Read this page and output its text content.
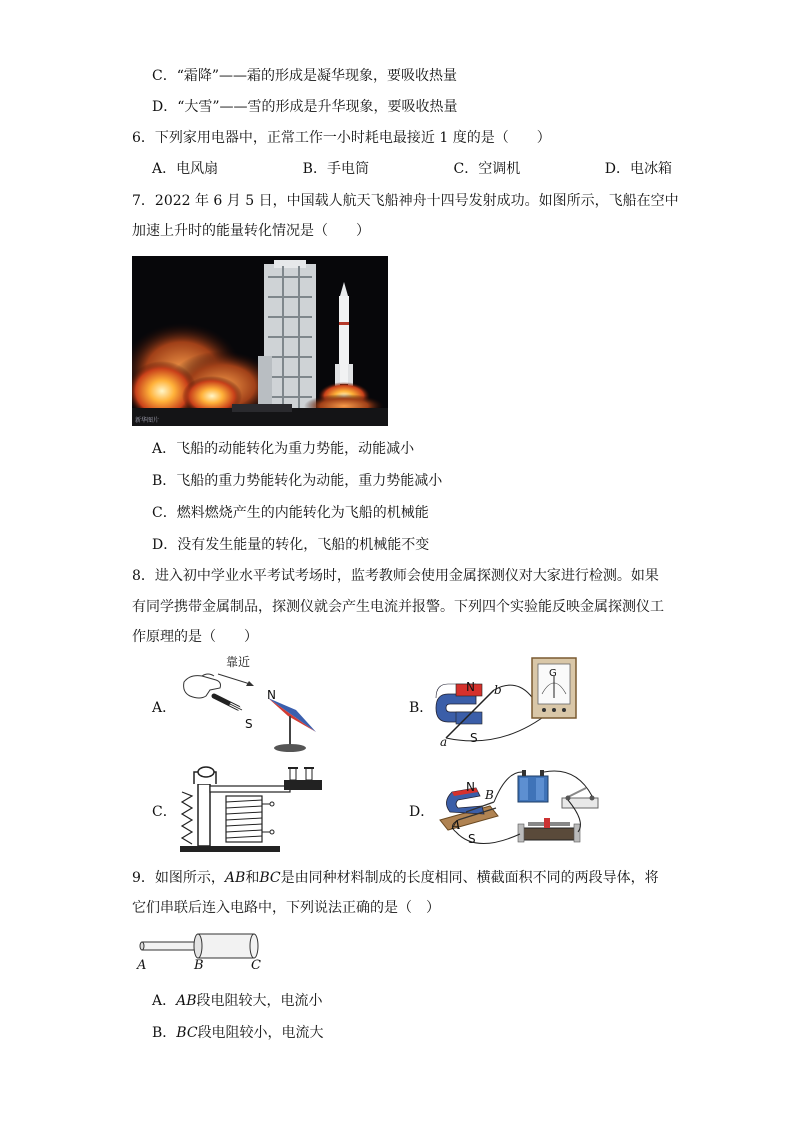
C．“霜降”——霜的形成是凝华现象，要吸收热量
D．“大雪”——雪的形成是升华现象，要吸收热量
6．下列家用电器中，正常工作一小时耗电最接近 1 度的是（　　）
A．电风扇	B．手电筒	C．空调机	D．电冰箱
7．2022 年 6 月 5 日，中国载人航天飞船神舟十四号发射成功。如图所示，飞船在空中
加速上升时的能量转化情况是（　　）
新华图片
A．飞船的动能转化为重力势能，动能减小
B．飞船的重力势能转化为动能，重力势能减小
C．燃料燃烧产生的内能转化为飞船的机械能
D．没有发生能量的转化，飞船的机械能不变
8．进入初中学业水平考试考场时，监考教师会使用金属探测仪对大家进行检测。如果
有同学携带金属制品，探测仪就会产生电流并报警。下列四个实验能反映金属探测仪工
作原理的是（　　）
A．
靠近
N
S
B．
G
N
S
a
b
C．	D．
N
S
A
B
9．如图所示，AB和BC是由同种材料制成的长度相同、横截面积不同的两段导体，将
它们串联后连入电路中，下列说法正确的是（　）
A	B	C
A．AB段电阻较大，电流小
B．BC段电阻较小，电流大
